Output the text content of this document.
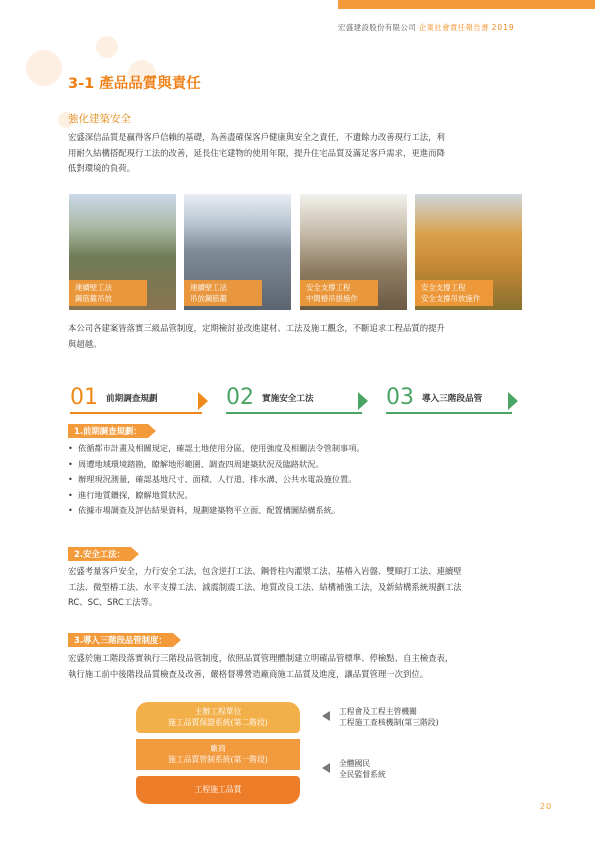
宏盛建設股份有限公司 企業社會責任報告書 2019
3-1 產品品質與責任
強化建築安全
宏盛深信品質是贏得客戶信賴的基礎，為善盡確保客戶健康與安全之責任，不遺餘力改善現行工法，利
用耐久結構搭配現行工法的改善，延長住宅建物的使用年限，提升住宅品質及滿足客戶需求，更進而降
低對環境的負荷。
連續壁工法
鋼筋籠吊放
連續壁工法
吊放鋼筋籠
安全支撐工程
中間樁吊掛施作
安全支撐工程
安全支撐吊放施作
本公司各建案皆落實三級品管制度，定期檢討並改進建材、工法及施工觀念，不斷追求工程品質的提升
與超越。
01 前期調查規劃	02 實施安全工法	03 導入三階段品管
1.前期調查規劃：
• 依循都市計畫及相關規定，確認土地使用分區、使用強度及相關法令管制事項。
• 周遭地域環境踏勘，瞭解地形範圍、調查四周建築狀況及臨路狀況。
• 辦理現況測量，確認基地尺寸、面積、人行道、排水溝、公共水電設施位置。
• 進行地質鑽探，瞭解地質狀況。
• 依據市場調查及評估結果資料，規劃建築物平立面、配置構圖結構系統。
2.安全工法：
宏盛考量客戶安全，力行安全工法，包含逆打工法、鋼骨柱內灌漿工法、基樁入岩盤、雙順打工法、連續壁
工法、微型樁工法、水平支撐工法、減震制震工法、地質改良工法、結構補強工法，及新結構系統規劃工法
RC、SC、SRC工法等。
3.導入三階段品管制度：
宏盛於施工階段落實執行三階段品管制度，依照品質管理體制建立明確品管標準、停檢點、自主檢查表，
執行施工前中後階段品質檢查及改善，嚴格督導營造廠商施工品質及進度，讓品質管理一次到位。
主辦工程單位
施工品質保證系統(第二階段)
廠商
施工品質管制系統(第一階段)
工程施工品質
工程會及工程主管機關
工程施工查核機制(第三階段)
全體國民
全民監督系統
20
